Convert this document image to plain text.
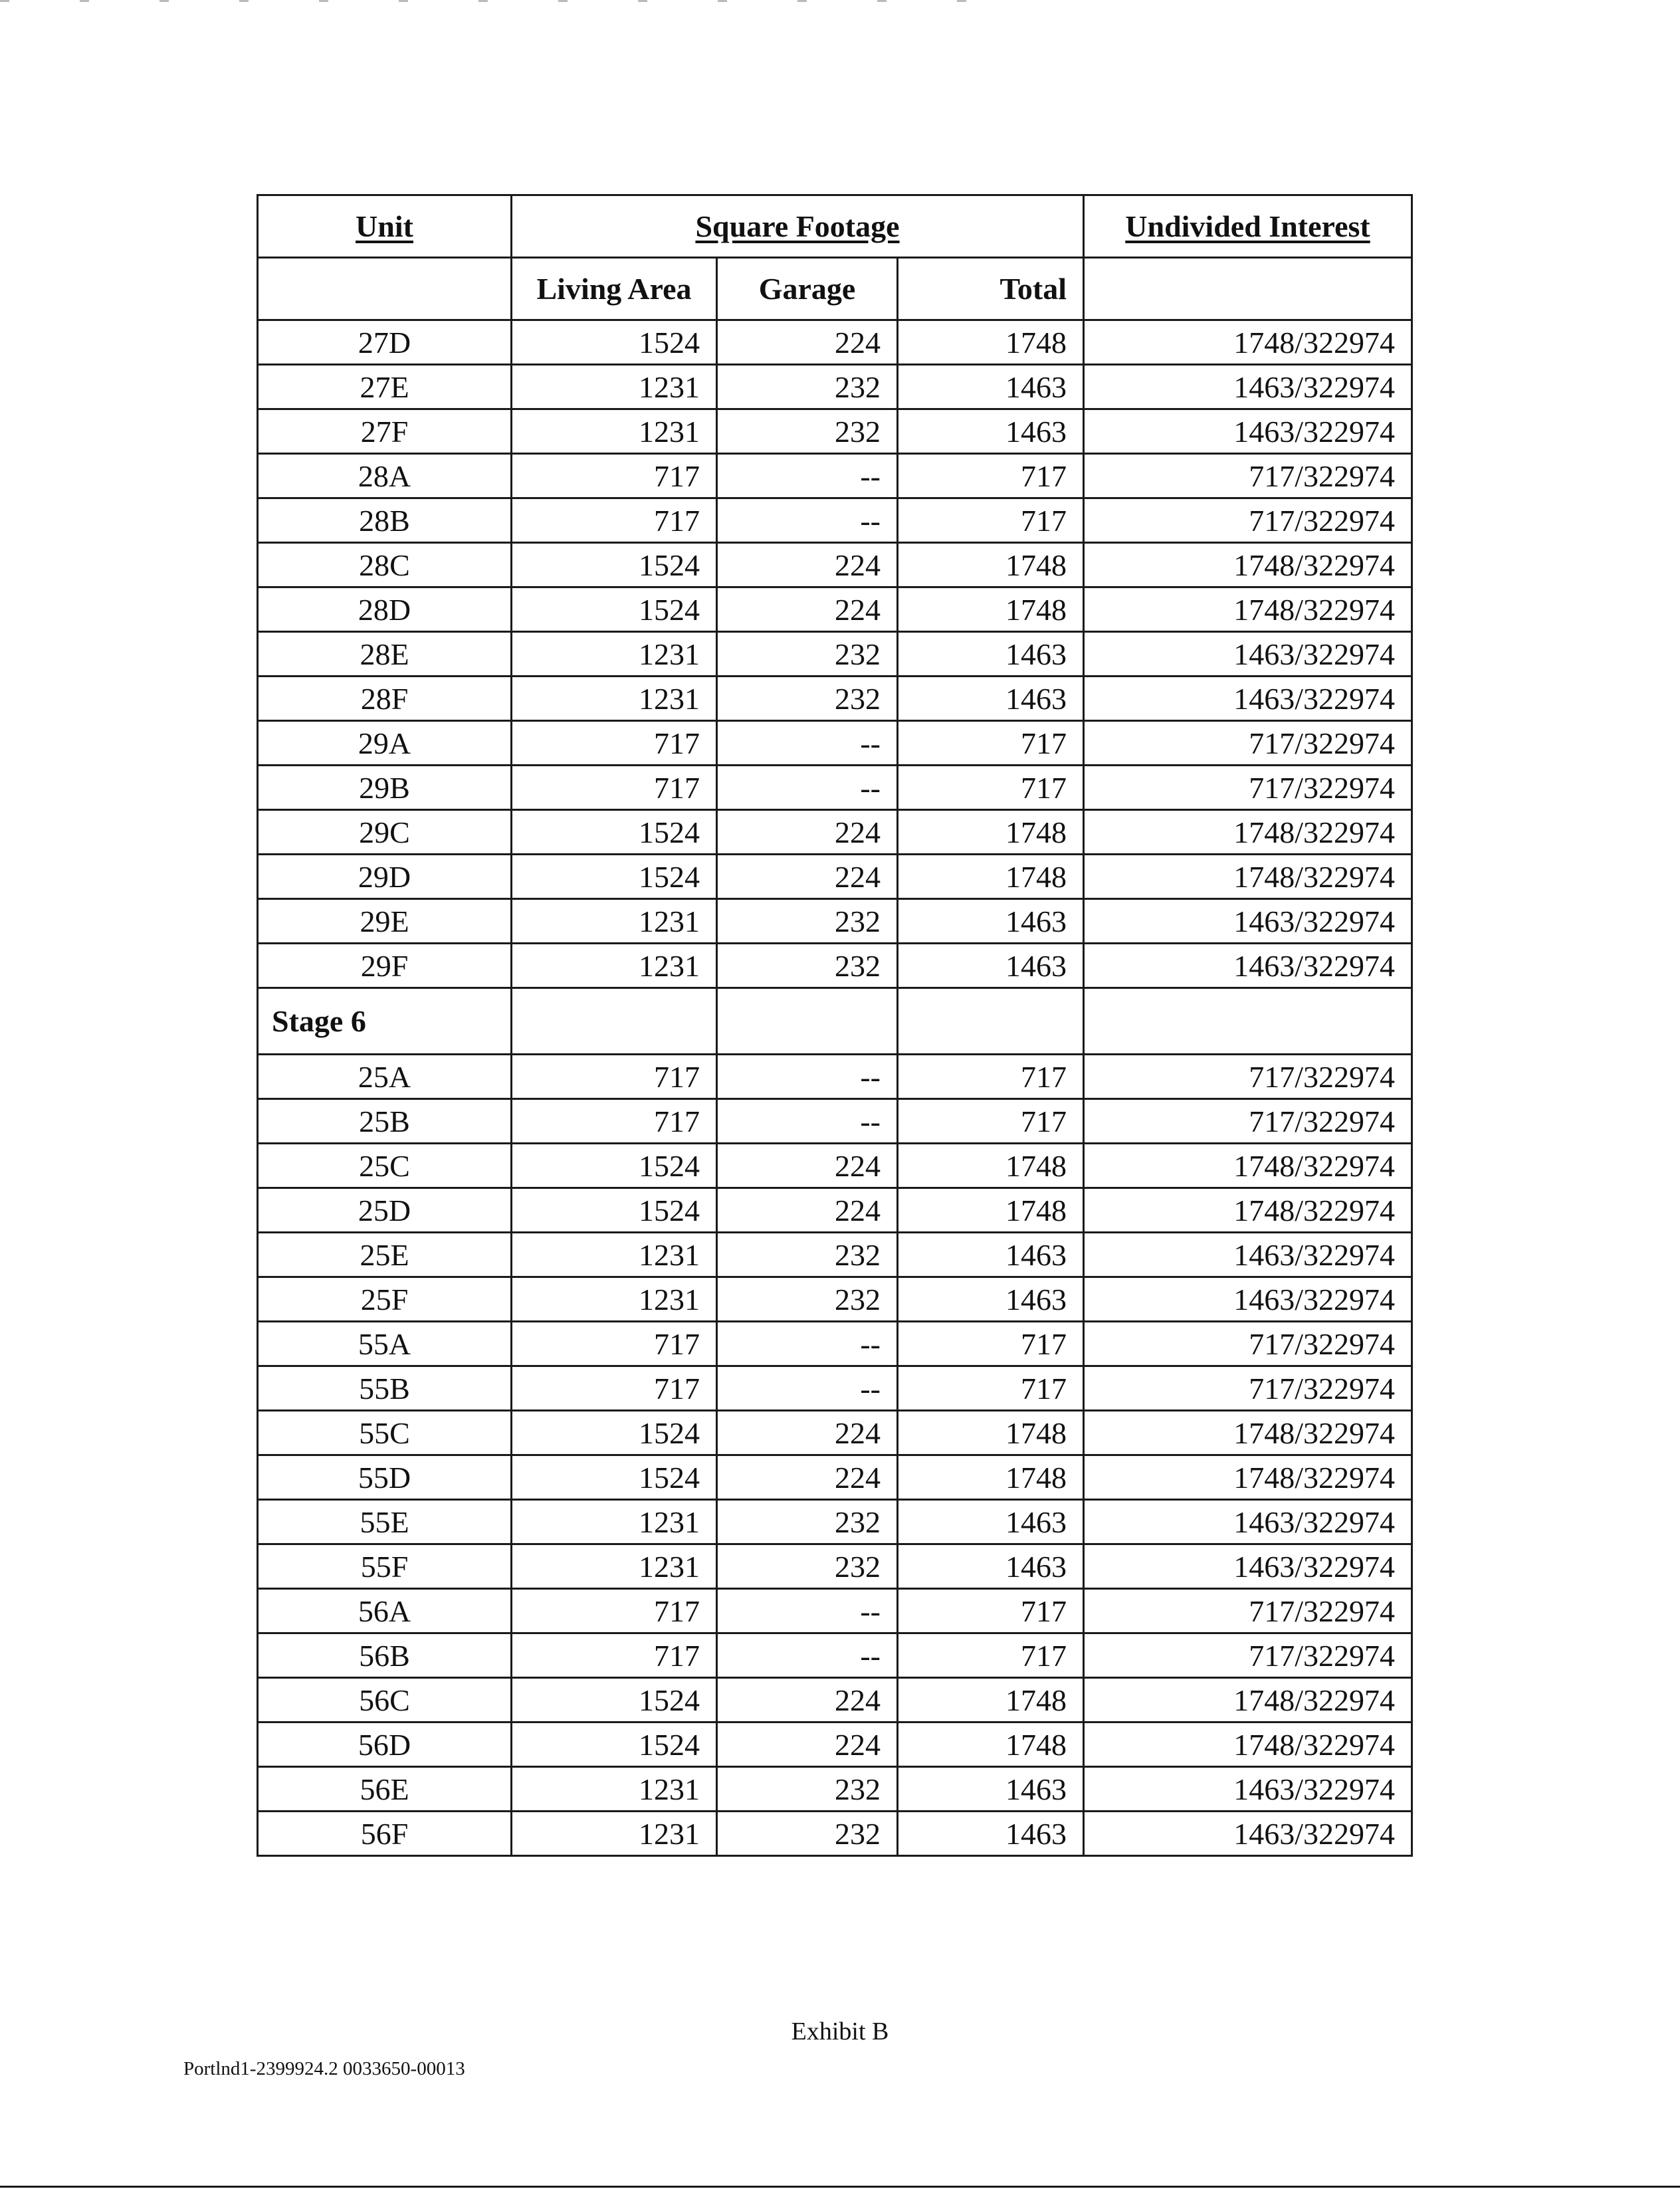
Unit	Square Footage			Undivided Interest
	Living Area	Garage	Total	
27D	1524	224	1748	1748/322974
27E	1231	232	1463	1463/322974
27F	1231	232	1463	1463/322974
28A	717	--	717	717/322974
28B	717	--	717	717/322974
28C	1524	224	1748	1748/322974
28D	1524	224	1748	1748/322974
28E	1231	232	1463	1463/322974
28F	1231	232	1463	1463/322974
29A	717	--	717	717/322974
29B	717	--	717	717/322974
29C	1524	224	1748	1748/322974
29D	1524	224	1748	1748/322974
29E	1231	232	1463	1463/322974
29F	1231	232	1463	1463/322974
Stage 6				
25A	717	--	717	717/322974
25B	717	--	717	717/322974
25C	1524	224	1748	1748/322974
25D	1524	224	1748	1748/322974
25E	1231	232	1463	1463/322974
25F	1231	232	1463	1463/322974
55A	717	--	717	717/322974
55B	717	--	717	717/322974
55C	1524	224	1748	1748/322974
55D	1524	224	1748	1748/322974
55E	1231	232	1463	1463/322974
55F	1231	232	1463	1463/322974
56A	717	--	717	717/322974
56B	717	--	717	717/322974
56C	1524	224	1748	1748/322974
56D	1524	224	1748	1748/322974
56E	1231	232	1463	1463/322974
56F	1231	232	1463	1463/322974
Exhibit B
Portlnd1-2399924.2 0033650-00013
